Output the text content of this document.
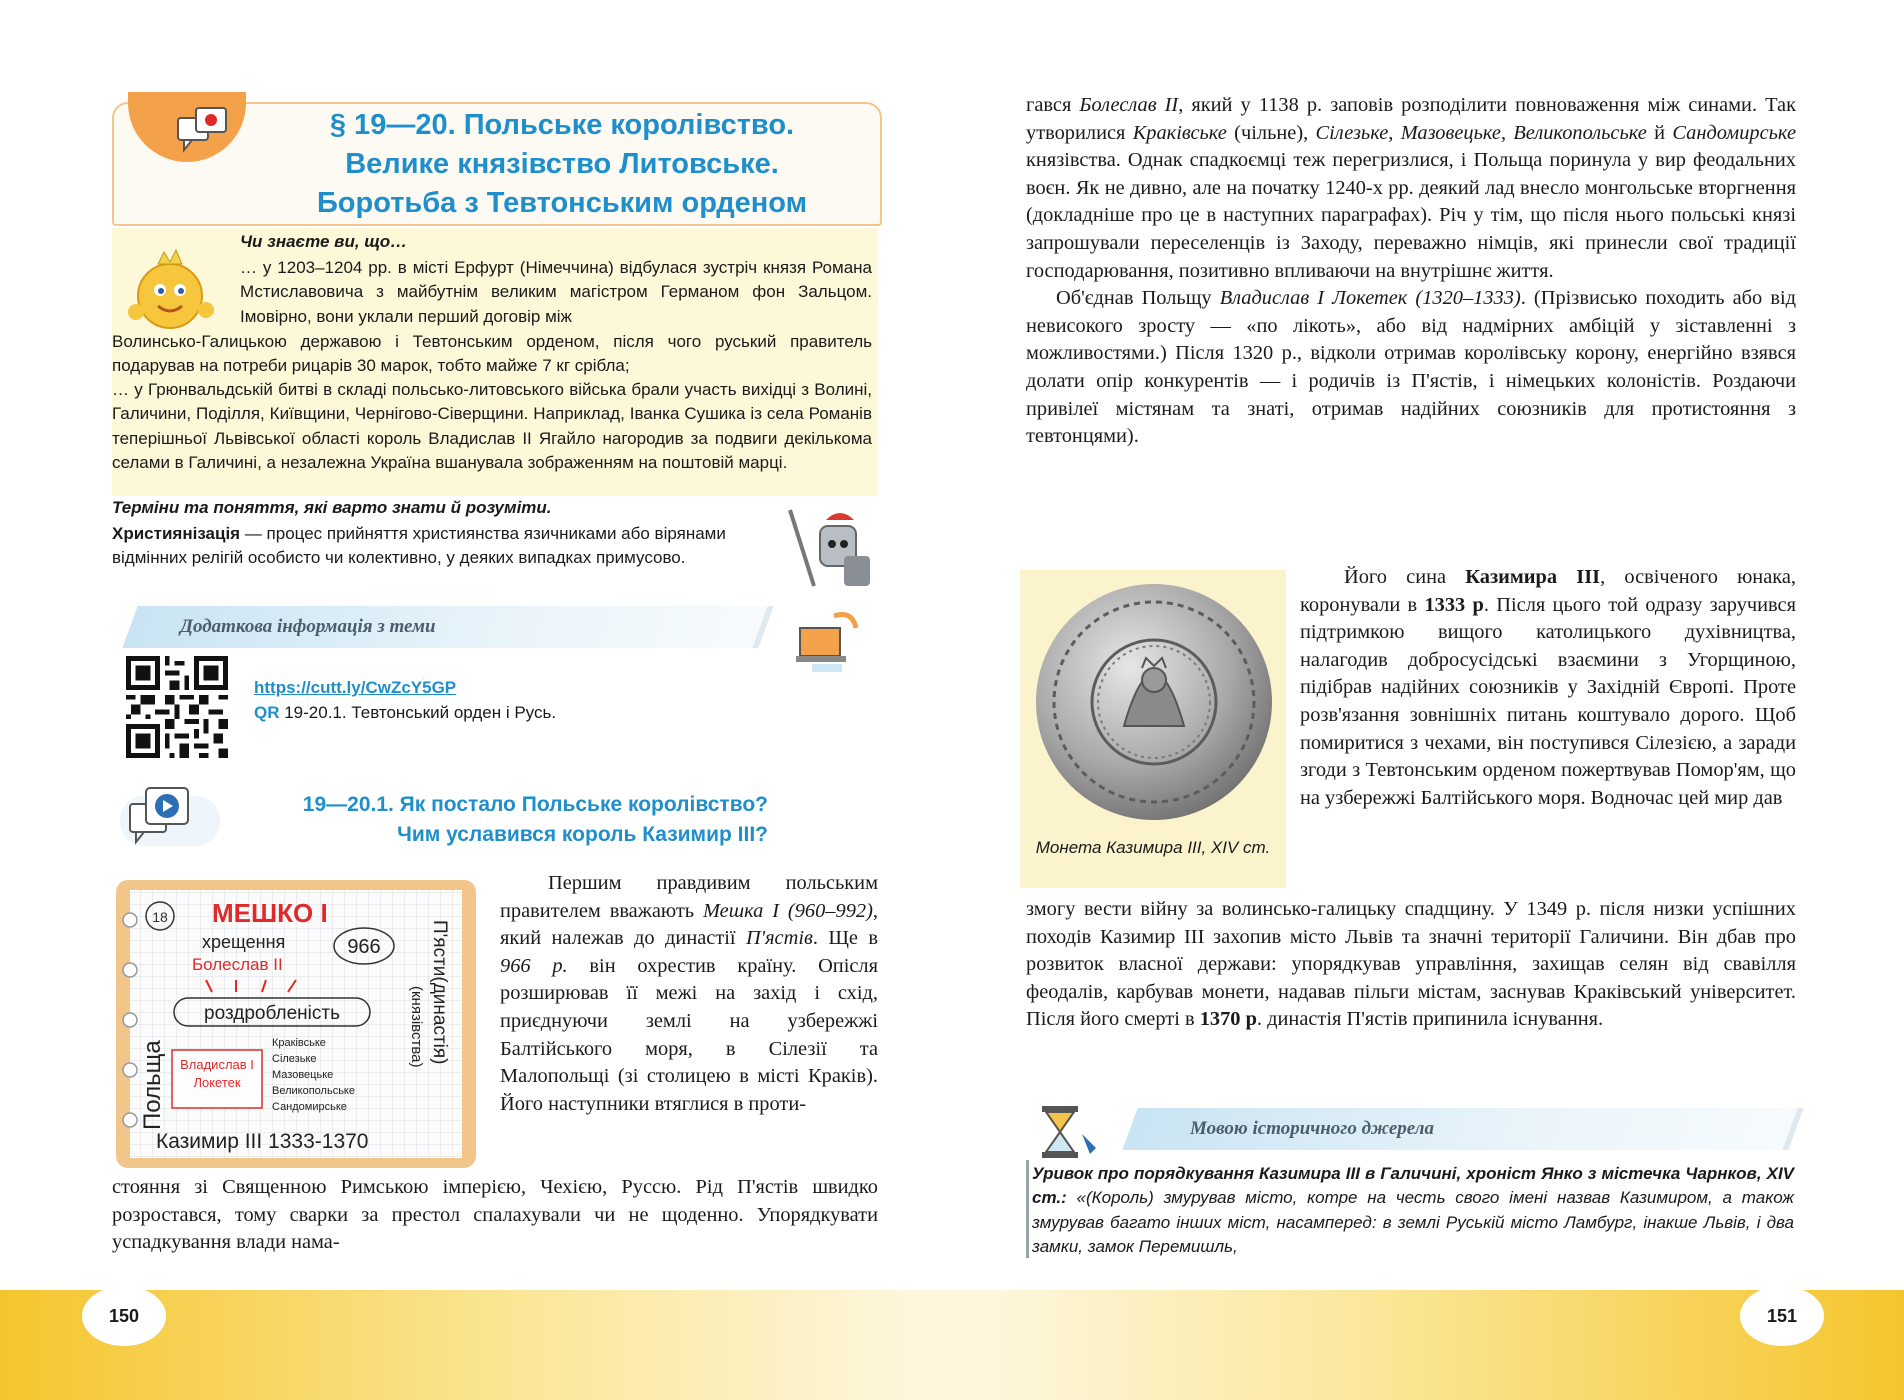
§ 19—20. Польське королівство.
Велике князівство Литовське.
Боротьба з Тевтонським орденом
Чи знаєте ви, що…
… у 1203–1204 рр. в місті Ерфурт (Німеччина) відбулася зустріч князя Романа Мстиславовича з майбутнім великим магістром Германом фон Зальцом. Імовірно, вони уклали перший договір між
Волинсько-Галицькою державою і Тевтонським орденом, після чого руський правитель подарував на потреби рицарів 30 марок, тобто майже 7 кг срібла;
… у Грюнвальдській битві в складі польсько-литовського війська брали участь вихідці з Волині, Галичини, Поділля, Київщини, Чернігово-Сіверщини. Наприклад, Іванка Сушика із села Романів теперішньої Львівської області король Владислав ІІ Ягайло нагородив за подвиги декількома селами в Галичині, а незалежна Україна вшанувала зображенням на поштовій марці.
Терміни та поняття, які варто знати й розуміти.
Християнізація — процес прийняття християнства язичниками або вірянами відмінних релігій особисто чи колективно, у деяких випадках примусово.
Додаткова інформація з теми
https://cutt.ly/CwZcY5GP
QR 19-20.1. Тевтонський орден і Русь.
19—20.1. Як постало Польське королівство?
Чим уславився король Казимир ІІІ?
18 МЕШКО I
хрещення	966
Болеслав ІІ
роздробленість
Краківське
Сілезьке
Мазовецьке
Великопольське
Сандомирське
Владислав І Локетек
Казимир ІІІ 1333-1370
Польща
П'ясти(династія)
(князівства)
Першим правдивим польським правителем вважають Мешка I (960–992), який належав до династії П'ястів. Ще в 966 р. він охрестив країну. Опісля розширював її межі на захід і схід, приєднуючи землі на узбережжі Балтійського моря, в Сілезії та Малопольщі (зі столицею в місті Краків). Його наступники втяглися в проти-
стояння зі Священною Римською імперією, Чехією, Руссю. Рід П'ястів швидко розростався, тому сварки за престол спалахували чи не щоденно. Упорядкувати успадкування влади нама-
гався Болеслав ІІ, який у 1138 р. заповів розподілити повноваження між синами. Так утворилися Краківське (чільне), Сілезьке, Мазовецьке, Великопольське й Сандомирське князівства. Однак спадкоємці теж перегризлися, і Польща поринула у вир феодальних воєн. Як не дивно, але на початку 1240-х рр. деякий лад внесло монгольське вторгнення (докладніше про це в наступних параграфах). Річ у тім, що після нього польські князі запрошували переселенців із Заходу, переважно німців, які принесли свої традиції господарювання, позитивно впливаючи на внутрішнє життя.
Об'єднав Польщу Владислав I Локетек (1320–1333). (Прізвисько походить або від невисокого зросту — «по лікоть», або від надмірних амбіцій у зіставленні з можливостями.) Після 1320 р., відколи отримав королівську корону, енергійно взявся долати опір конкурентів — і родичів із П'ястів, і німецьких колоністів. Роздаючи привілеї містянам та знаті, отримав надійних союзників для протистояння з тевтонцями).
Монета Казимира ІІІ, XIV ст.
Його сина Казимира ІІІ, освіченого юнака, коронували в 1333 р. Після цього той одразу заручився підтримкою вищого католицького духівництва, налагодив добросусідські взаємини з Угорщиною, підібрав надійних союзників у Західній Європі. Проте розв'язання зовнішніх питань коштувало дорого. Щоб помиритися з чехами, він поступився Сілезією, а заради згоди з Тевтонським орденом пожертвував Помор'ям, що на узбережжі Балтійського моря. Водночас цей мир дав
змогу вести війну за волинсько-галицьку спадщину. У 1349 р. після низки успішних походів Казимир ІІІ захопив місто Львів та значні території Галичини. Він дбав про розвиток власної держави: упорядкував управління, захищав селян від свавілля феодалів, карбував монети, надавав пільги містам, заснував Краківський університет. Після його смерті в 1370 р. династія П'ястів припинила існування.
Мовою історичного джерела
Уривок про порядкування Казимира ІІІ в Галичині, хроніст Янко з містечка Чарнков, XIV ст.: «(Король) змурував місто, котре на честь свого імені назвав Казимиром, а також змурував багато інших міст, насамперед: в землі Руській місто Ламбург, інакше Львів, і два замки, замок Перемишль,
150	151
